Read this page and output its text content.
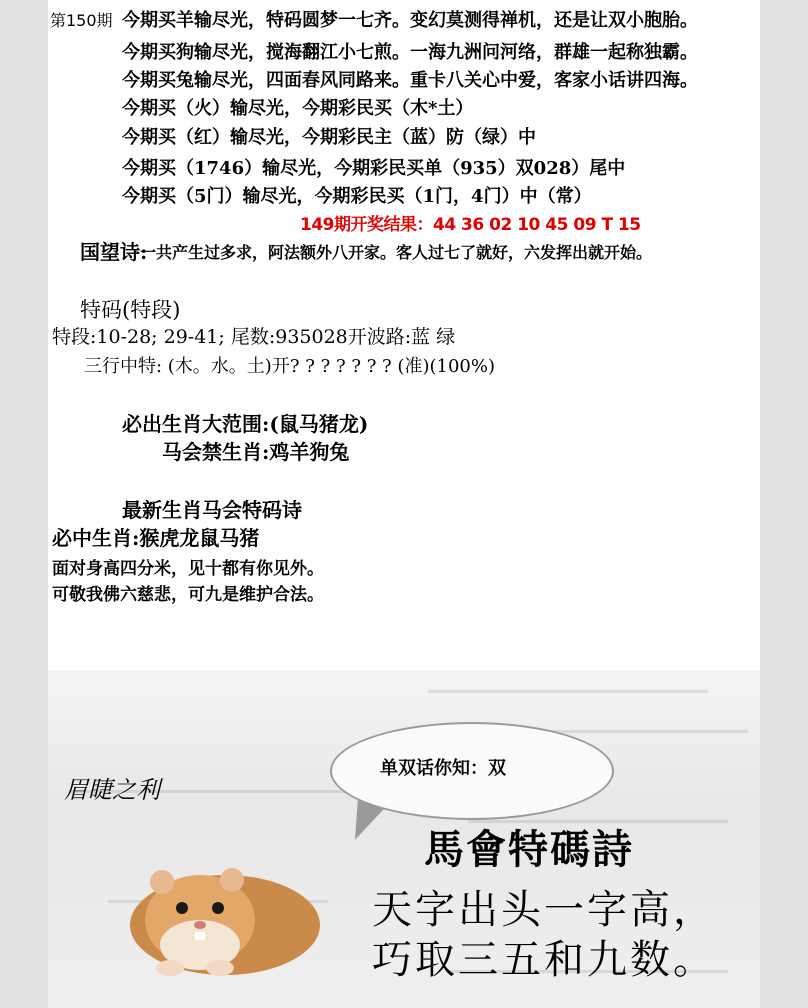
第150期 今期买羊输尽光，特码圆梦一七齐。变幻莫测得禅机，还是让双小胞胎。
今期买狗输尽光，搅海翻江小七煎。一海九洲问河络，群雄一起称独霸。
今期买兔输尽光，四面春风同路来。重卡八关心中爱，客家小话讲四海。
今期买（火）输尽光，今期彩民买（木*土）
今期买（红）输尽光，今期彩民主（蓝）防（绿）中
今期买（1746）输尽光，今期彩民买单（935）双028）尾中
今期买（5门）输尽光，今期彩民买（1门，4门）中（常）
149期开奖结果：44 36 02 10 45 09 T 15
国望诗:
一共产生过多求，阿法额外八开家。客人过七了就好，六发挥出就开始。
特码(特段)
特段:10-28; 29-41; 尾数:935028开波路:蓝 绿
三行中特: (木。水。土)开? ? ? ? ? ? ? (准)(100%)
必出生肖大范围:(鼠马猪龙)
马会禁生肖:鸡羊狗兔
最新生肖马会特码诗
必中生肖:猴虎龙鼠马猪
面对身高四分米，见十都有你见外。
可敬我佛六慈悲，可九是维护合法。
单双话你知：双
眉睫之利
馬會特碼詩
天字出头一字高，
巧取三五和九数。
